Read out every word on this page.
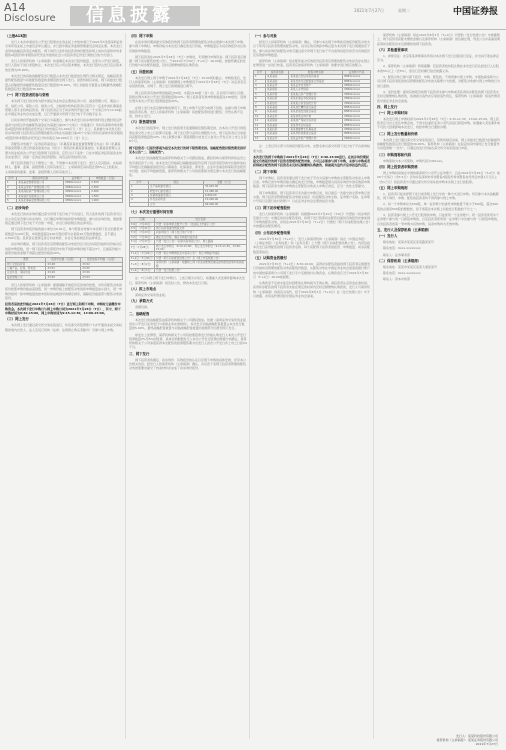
A14
Disclosure 信息披露	2021年7月27日	星期二	中国证券报
（上接A13版）
发行人本次申请首次公开发行股票并在创业板上市的申请已于2021年3月经深圳证券交易所创业板上市委员会审议通过，并已经中国证券监督管理委员会同意注册。本次发行采用向战略投资者定向配售、网下向符合条件的投资者询价配售和网上向持有深圳市场非限售A股股份和非限售存托凭证市值的社会公众投资者定价发行相结合的方式进行。
发行人和保荐机构（主承销商）协商确定本次发行股份数量，全部为公开发行新股，发行人股东不进行老股转让。本次发行后公司总股本增加，本次发行股份占发行后总股本的比例为25.00%。
本次发行的初始战略配售发行数量占本次发行数量的比例符合相关规定，战略投资者最终配售数量与初始配售数量的差额回拨至网下发行。回拨机制启动前，网下初始发行数量占扣除最终战略配售数量后发行数量的70.00%，网上初始发行数量占扣除最终战略配售数量后发行数量的30.00%。
（一）网下投资者的参与资格
本次网下发行的对象为经中国证券业协会注册的证券公司、基金管理公司、期货公司、信托公司、保险公司、财务公司、合格境外机构投资者以及符合一定条件的私募基金管理人等专业机构投资者。网下投资者应当于初步询价开始日前一个交易日中午12:00前在中国证券业协会完成注册，且已开通深交所网下发行电子平台数字证书。
以初步询价开始前两个交易日为基准日，参与本次发行初步询价的科创主题封闭运作基金与封闭运作战略配售基金在该基准日前20个交易日（含基准日）所持有深圳市场非限售A股股份和非限售存托凭证日均市值应为1,000万元（含）以上。其他参与本次发行的初步询价网下投资者及其管理的配售对象在该基准日前20个交易日所持有深圳市场非限售A股股份和非限售存托凭证日均市值应为6,000万元（含）以上。
若配售对象属于《证券投资基金法》《私募投资基金监督管理暂行办法》和《私募投资基金管理人登记和基金备案办法（试行）》规范的私募投资基金的，私募基金管理人注册为创业板首次公开发行股票网下投资者，应符合以下条件：已在中国证券投资基金业协会完成登记；具备一定的证券投资经验；具有良好的信用记录。
网下投资者属于以下情形之一的，不得参与本次网下发行：发行人及其股东、实际控制人、董事、监事、高级管理人员和其他员工；主承销商及其持股比例5%以上的股东，主承销商的董事、监事、高级管理人员和其他员工。
序号	配售对象名称	证券账户	申购数量（万股）
1	某某基金管理有限公司	0899xxxxxx	2,500
2	某某证券资产管理有限公司	0899xxxxxx	2,500
3	某某保险资产管理有限公司	0899xxxxxx	2,000
4	某某信托有限责任公司	0899xxxxxx	1,500
5	某某私募基金管理有限公司	0899xxxxxx	1,000
（二）初步询价
本次发行的初步询价通过深交所网下发行电子平台进行，符合条件的网下投资者可以自主决定是否参与初步询价，自行确定申购价格和拟申购数量。参与初步询价的，须按照规定通过网下发行电子平台统一申报，并自行承担相应的法律责任。
网下投资者申报价格的最小单位为0.01元，单个配售对象参与本次网下发行的最低申报数量为100万股，申报数量超过100万股的部分必须是10万股的整数倍，且不超过2,500万股。投资者应按规定进行初步询价，并自行承担相应的法律责任。
初步询价期间，网下投资者及其管理的配售对象报价应当包含每股价格和该价格对应的拟申购股数，同一网下投资者全部报价中的不同拟申购价格不超过3个，且最高价格与最低价格的差额不得超过最低价格的20%。
类型	报价中位数（元/股）	报价加权平均数（元/股）
网下全部投资者	23.48	23.52
公募产品、社保、养老金	23.51	23.55
企业年金、保险资金	23.49	23.50
基金管理公司	23.50	23.53
发行人和保荐机构（主承销商）根据剔除无效报价后的询价结果，对所有配售对象的报价按照申购价格由高到低、同一申购价格上按配售对象的拟申购数量由小到大、同一申购价格同一拟申购数量的按申报时间由晚到早的顺序排序，剔除报价最高部分配售对象的报价。
投资者请按此价格在2021年7月28日（T日）进行网上和网下申购，申购时无需缴付申购资金。本次网下发行申购日与网上申购日同为2021年7月28日（T日），其中，网下申购时间为9:30-15:00，网上申购时间为9:15-11:30，13:00-15:00。
（三）网上发行
本次网上发行通过深交所交易系统进行，持有深交所股票账户卡并开通创业板交易权限的境内自然人、法人及其它机构（法律、法规禁止购买者除外）可参与网上申购。
（四）网下申购
在初步询价期间提交有效报价的网下投资者管理的配售对象必须参与本次网下申购。参与网下申购时，申购价格为本次发行确定的发行价格，申购数量应为其有效报价对应的有效拟申购数量。
网下投资者在2021年7月28日（T日）申购时，无需缴付申购资金。网下投资者应根据《网下初步配售结果公告》，于2021年7月30日（T+2日）16:00前，按最终确定的发行价格与初步配售数量，及时足额缴纳新股认购资金。
（五）回拨机制
本次发行网上网下申购于2021年7月28日（T日）15:00同时截止。申购结束后，发行人和保荐机构（主承销商）将根据网上申购情况于2021年7月28日（T日）决定是否启动回拨机制，对网下、网上发行的规模进行调节。
网上投资者有效申购倍数超过50倍、未超过100倍（含）的，应从网下向网上回拨，回拨比例为本次公开发行股票数量的10%；网上投资者有效申购倍数超过100倍的，回拨比例为本次公开发行股票数量的20%。
在网上发行未获足额申购的情况下，网上申购不足部分向网下回拨，由参与网下申购的投资者认购，发行人和保荐机构（主承销商）将按配售原则进行配售；仍然认购不足的，则中止发行。
（六）限售期安排
本次发行的股票中，网上发行的股票无流通限制及限售期安排，自本次公开发行的股票在深交所上市之日起即可流通。网下发行部分采用比例限售方式，网下投资者应当承诺其获配股票数量的10%（向上取整计算）限售期限为自发行人首次公开发行并上市之日起6个月。
网下投资者一旦报价即视为接受本次发行的网下限售期安排。战略配售股份限售期安排详见本公告“二、战略配售”。
本次发行的战略配售由保荐机构相关子公司跟投组成，跟投机构为保荐机构依法设立的另类投资子公司。如本次发行价格超过剔除最高报价后网下投资者报价的中位数和加权平均数以及剔除最高报价后公募基金、社保基金、养老金、企业年金基金和保险资金报价中位数、加权平均数孰低值，保荐机构相关子公司将按照相关规定参与本次发行的战略配售。
序号	项目	金额（万元）
1	生产基地建设项目	35,620.00
2	研发中心建设项目	12,480.00
3	营销网络建设项目	6,800.00
4	补充流动资金	15,000.00
	合计	69,900.00
（七）本次发行重要时间安排
日期	发行安排
T-6日（7月20日）	刊登《初步询价及推介公告》《创业板上市提示公告》
T-5日（7月21日）	网下投资者提交核查文件
T-3日（7月23日）	初步询价日（网下发行电子平台）
T-2日（7月26日）	确定发行价格、确定有效报价投资者
T-1日（7月27日）	刊登《发行公告》《投资风险特别公告》、网上路演
T日（7月28日）	网下发行申购日（9:30-15:00）、网上发行申购日（9:15-11:30，13:00-15:00）
T+1日（7月29日）	刊登《网上申购情况及中签率公告》、网上申购摇号抽签
T+2日（7月30日）	刊登《网下初步配售结果公告》及《网上中签结果公告》
T+3日（8月2日）	保荐机构（主承销商）根据网上网下资金到账情况确定最终配售结果和包销金额
T+4日（8月3日）	刊登《发行结果公告》
注：T日为网上网下发行申购日。上述日期为交易日，如遇重大突发事件影响本次发行，保荐机构（主承销商）将及时公告，修改本次发行日程。
（八）拟上市地点
深圳证券交易所创业板。
（九）承销方式
余额包销。
二、战略配售
本次发行的战略配售由保荐机构相关子公司跟投组成。依据《深圳证券交易所创业板首次公开发行证券发行与承销业务实施细则》，本次发行初始战略配售数量占本次发行数量的5.00%，最终战略配售数量与初始战略配售数量的差额部分回拨至网下发行。
如发生上述情形，保荐机构相关子公司将按照股票发行价格认购发行人本次公开发行股票数量2%至5%的股票，具体比例根据发行人本次公开发行股票的规模分档确定。保荐机构相关子公司承诺获得本次配售的股票限售期为自发行人首次公开发行并上市之日起24个月。
三、网下发行
网下投资者的确定、初步询价、有效报价的认定以及网下申购的具体安排，详见本公告相关内容。经发行人和保荐机构（主承销商）确认，共有若干家网下投资者管理的配售对象按照要求提交了核查材料并完成了初步询价报价。
（一）参与对象
经发行人和保荐机构（主承销商）确认，可参与本次网下申购的有效报价配售对象为以下所列示投资者管理的配售对象，其对应的有效拟申购总量为本次网下发行规模的若干倍。参与初步询价的配售对象可通过深交所网下发行电子平台查询其报价是否为有效报价及有效拟申购数量。
保荐机构（主承销商）将在配售前对有效报价投资者及管理的配售对象是否存在禁止性情形进一步进行核查，投资者应按保荐机构（主承销商）的要求进行相应的配合。
序号	投资者名称	配售对象名称	证券账户代码
1	某某基金	某某混合型证券投资基金	B883xxxxxx
2	某某基金	某某优选灵活配置混合型基金	B883xxxxxx
3	某某证券	某某证券自营账户	0899xxxxxx
4	某某保险	某某人寿传统险	0899xxxxxx
5	某某资管	某某集合资产管理计划	0899xxxxxx
6	某某投资	某某私募证券投资基金	0899xxxxxx
7	某某信托	某某集合资金信托计划	0899xxxxxx
8	某某基金	某某成长精选混合基金	B883xxxxxx
9	某某基金	某某价值发现混合基金	B883xxxxxx
10	某某证券	某某资管定向计划	0899xxxxxx
11	某某保险	某某财产保险自有资金	0899xxxxxx
12	某某基金	某某养老目标基金	B883xxxxxx
13	某某投资	某某稳健增长私募基金	0899xxxxxx
14	某某基金	某某科技创新混合基金	B883xxxxxx
15	某某证券	某某证券资产管理计划	0899xxxxxx
注：上表仅列示部分有效报价配售对象，完整名单以深交所网下发行电子平台查询结果为准。
本次发行的网下申购将于2021年7月28日（T日）9:30-15:00进行。在初步询价期间提交有效报价的网下投资者管理的配售对象，方可且必须参与网下申购，未参与申购或者获得初步配售的网下投资者未及时足额缴纳认购款的，将被视为违约并应承担违约责任。
（二）网下申购
网下申购时，投资者需通过网下发行电子平台为其参与申购的全部配售对象录入申购记录。申购记录中申购价格为确定的发行价格，申购数量须为其初步询价中的有效拟申购数量。网下投资者为参与申购的全部配售对象录入申购记录后，应当一次性全部提交。
网下申购期间，网下投资者可多次提交申购记录，但以最后一次提交的全部申购记录为准。网下投资者管理的配售对象相关信息（包括配售对象全称、证券账户名称、证券账户号码以及银行收付款账户）以在证券业协会注册的信息为准。
（三）网下初步配售股份
发行人和保荐机构（主承销商）将根据2021年7月20日（T-6日）刊登的《初步询价及推介公告》中确定的初步配售原则，将网下发行股票初步配售给提供有效报价并参加网下申购的配售对象，并将在2021年7月30日（T+2日）刊登的《网下初步配售结果公告》中披露初步配售情况。
（四）公布初步配售结果
2021年7月30日（T+2日），发行人和保荐机构（主承销商）将在《中国证券报》《上海证券报》《证券时报》和《证券日报》上刊登《网下初步配售结果公告》，内容包括本次发行获得配售的网下投资者名称、每个获配网下投资者的报价、申购数量、初步获配数量等信息。
（五）认购资金的缴付
2021年7月30日（T+2日）8:30-16:00，获得初步配售资格的网下投资者应根据发行价格和其管理的配售对象获配股份数量，从配售对象在中国证券业协会备案的银行账户向中国结算深圳分公司网下发行专户足额划付认购资金，认购资金应当于2021年7月30日（T+2日）16:00前到账。
认购资金不足或未能及时到账的认购均视为无效认购。请投资者注意资金在途时间。获得初步配售的网下投资者未能在规定的时间内及时足额缴纳认购款的，发行人与保荐机构（主承销商）将视其为违约，将于2021年8月3日（T+4日）在《发行结果公告》中予以披露，并将违约情况报中国证券业协会备案。
保荐机构（主承销商）将在2021年8月3日（T+4日）刊登的《发行结果公告》中披露网上、网下投资者获配未缴款金额以及保荐机构（主承销商）的包销比例，列表公示并着重说明获得初步配售但未足额缴款的网下投资者。
（六）其他重要事项
1、律师见证：北京某某律师事务所将对本次网下发行过程进行见证，并出具专项法律意见书。
2、保荐机构（主承销商）特别提醒：若投资者的持股比例在本次发行后达到发行人总股本的5%以上（含5%），需自行及时履行信息披露义务。
3、配售对象已参与网下报价、申购、配售的，不得再参与网上申购。中国结算深圳分公司以网下投资者报送的其管理的配售对象的关联账户为依据，对配售对象参与网上申购的行为进行监控。
4、违约处理：提供有效报价的网下投资者未参与申购或者获得初步配售的网下投资者未及时足额缴纳认购款的，将被视为违约并应承担违约责任，保荐机构（主承销商）将违约情况报中国证券业协会备案。
四、网上发行
（一）网上申购时间
本次发行网上申购时间为2021年7月28日（T日）9:15-11:30、13:00-15:00。网上投资者应当自主表达申购意向，不得全权委托证券公司代其进行新股申购。如遇重大突发事件或不可抗力因素影响本次发行，则按申购当日通知办理。
（二）网上发行数量和价格
本次网上发行通过深交所交易系统进行，回拨机制启动前，网上初始发行数量为扣除最终战略配售数量后发行数量的30.00%。保荐机构（主承销商）在指定时间内将网上发行数量作为该股票唯一“卖方”，以确定的发行价格在深交所交易系统进行申报。
（三）申购简称和代码
申购简称为本公司简称，申购代码为301xxx。
（四）网上投资者申购资格
网上申购时间前在中国结算深圳分公司开立证券账户、且在2021年7月26日（T-2日）前20个交易日（含T-2日）日均持有深圳市场非限售A股股份和非限售存托凭证市值1万元以上（含1万元）的投资者方可通过深交所交易系统申购本次网上发行的股票。
（五）网上申购规则
1、投资者只能选择网下发行或者网上发行中的一种方式进行申购。所有参与本次战略配售、网下询价、申购、配售的投资者均不得再参与网上申购。
2、每一个申购单位为500股，单一证券账户的委托申购数量不得少于500股，超过500股的必须是500股的整数倍，但不得超过本次网上初始发行股数的千分之一。
3、投资者参与网上公开发行股票的申购，只能使用一个证券账户。同一投资者使用多个证券账户参与同一只新股申购的，以及投资者使用同一证券账户多次参与同一只新股申购的，以该投资者的第一笔申购为有效申购，其余申购均为无效申购。
五、发行人及保荐机构（主承销商）
（一）发行人
联系地址：某某市某某区某某路某某号
联系电话：0xxx-xxxxxxxx
联系人：证券事务部
（二）保荐机构（主承销商）
联系地址：某某市某某区某某大道某某号
联系电话：0xxx-xxxxxxxx
联系人：资本市场部
发行人：某某科技股份有限公司
保荐机构（主承销商）：某某证券股份有限公司
2021年7月27日
